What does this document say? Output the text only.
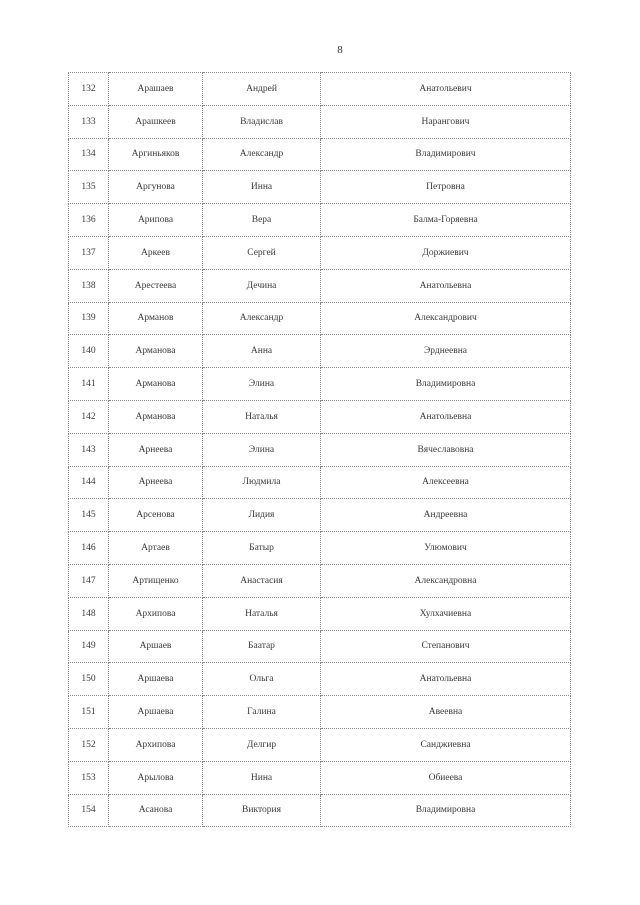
8
132	Арашаев	Андрей	Анатольевич
133	Арашкеев	Владислав	Нарангович
134	Аргиньяков	Александр	Владимирович
135	Аргунова	Инна	Петровна
136	Арипова	Вера	Балма-Горяевна
137	Аркеев	Сергей	Доржиевич
138	Арестеева	Дечина	Анатольевна
139	Арманов	Александр	Александрович
140	Арманова	Анна	Эрднеевна
141	Арманова	Элина	Владимировна
142	Арманова	Наталья	Анатольевна
143	Арнеева	Элина	Вячеславовна
144	Арнеева	Людмила	Алексеевна
145	Арсенова	Лидия	Андреевна
146	Артаев	Батыр	Улюмович
147	Артищенко	Анастасия	Александровна
148	Архипова	Наталья	Хулхачиевна
149	Аршаев	Баатар	Степанович
150	Аршаева	Ольга	Анатольевна
151	Аршаева	Галина	Авеевна
152	Архипова	Делгир	Санджиевна
153	Арылова	Нина	Обиеева
154	Асанова	Виктория	Владимировна
